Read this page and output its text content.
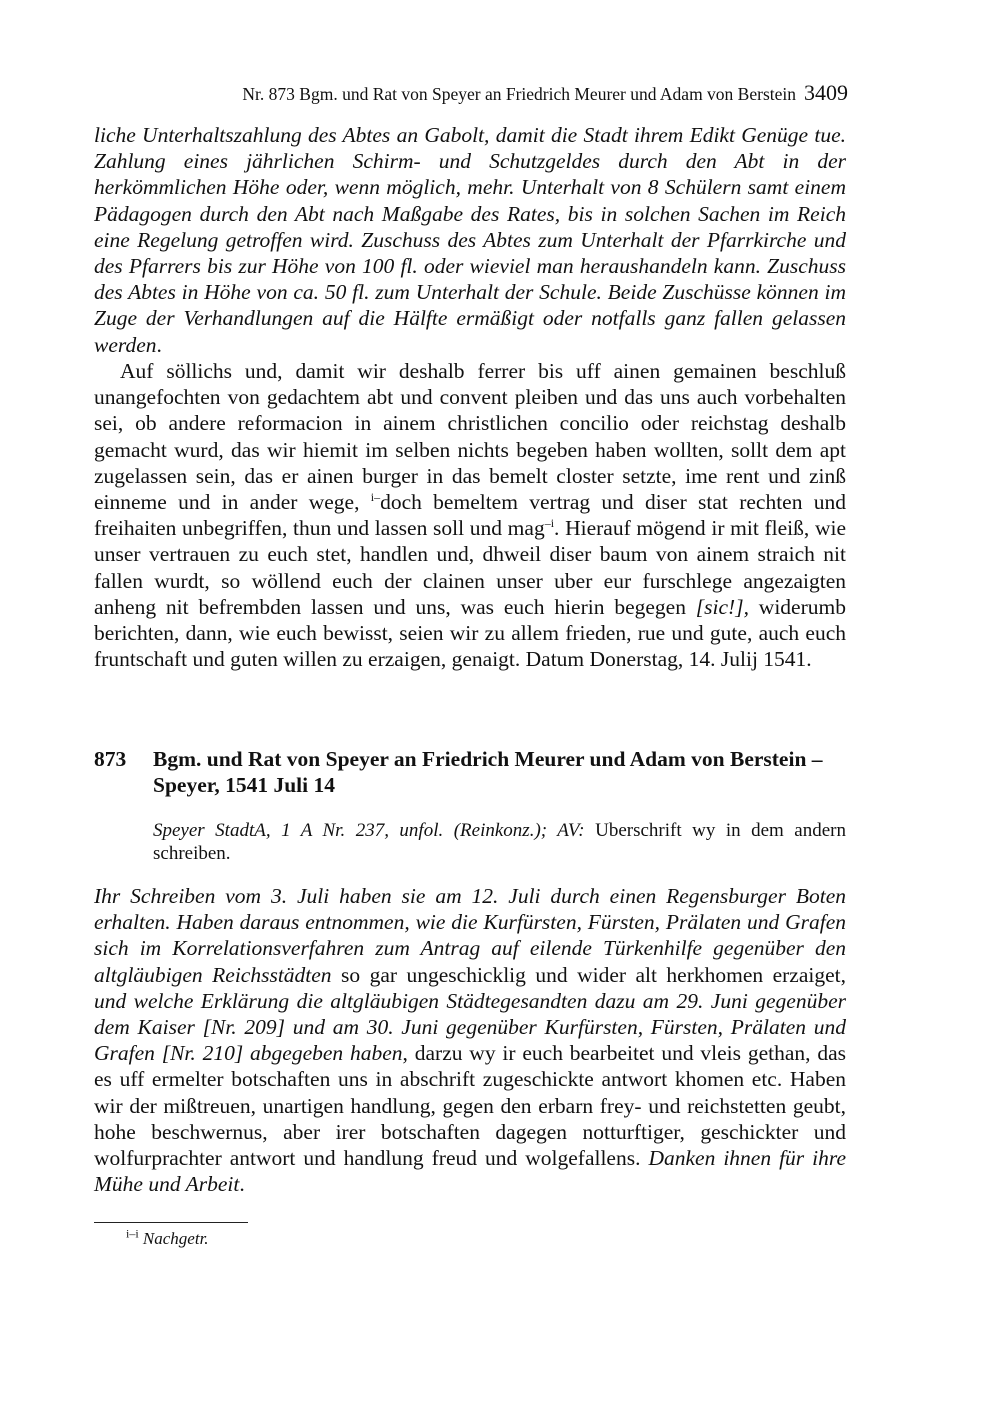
Nr. 873 Bgm. und Rat von Speyer an Friedrich Meurer und Adam von Berstein 3409
liche Unterhaltszahlung des Abtes an Gabolt, damit die Stadt ihrem Edikt Genüge tue. Zahlung eines jährlichen Schirm- und Schutzgeldes durch den Abt in der herkömmlichen Höhe oder, wenn möglich, mehr. Unterhalt von 8 Schülern samt einem Pädagogen durch den Abt nach Maßgabe des Rates, bis in solchen Sachen im Reich eine Regelung getroffen wird. Zuschuss des Abtes zum Unterhalt der Pfarrkirche und des Pfarrers bis zur Höhe von 100 fl. oder wieviel man heraushandeln kann. Zuschuss des Abtes in Höhe von ca. 50 fl. zum Unterhalt der Schule. Beide Zuschüsse können im Zuge der Verhandlungen auf die Hälfte ermäßigt oder notfalls ganz fallen gelassen werden.
Auf söllichs und, damit wir deshalb ferrer bis uff ainen gemainen beschluß unangefochten von gedachtem abt und convent pleiben und das uns auch vorbehalten sei, ob andere reformacion in ainem christlichen concilio oder reichstag deshalb gemacht wurd, das wir hiemit im selben nichts begeben haben wollten, sollt dem apt zugelassen sein, das er ainen burger in das bemelt closter setzte, ime rent und zinß einneme und in ander wege, $^{i-}$doch bemeltem vertrag und diser stat rechten und freihaiten unbegriffen, thun und lassen soll und mag$^{-i}$. Hierauf mögend ir mit fleiß, wie unser vertrauen zu euch stet, handlen und, dhweil diser baum von ainem straich nit fallen wurdt, so wöllend euch der clainen unser uber eur furschlege angezaigten anheng nit befrembden lassen und uns, was euch hierin begegen [sic!], widerumb berichten, dann, wie euch bewisst, seien wir zu allem frieden, rue und gute, auch euch fruntschaft und guten willen zu erzaigen, genaigt. Datum Donerstag, 14. Julij 1541.
873 Bgm. und Rat von Speyer an Friedrich Meurer und Adam von Berstein – Speyer, 1541 Juli 14
Speyer StadtA, 1 A Nr. 237, unfol. (Reinkonz.); AV: Uberschrift wy in dem andern schreiben.
Ihr Schreiben vom 3. Juli haben sie am 12. Juli durch einen Regensburger Boten erhalten. Haben daraus entnommen, wie die Kurfürsten, Fürsten, Prälaten und Grafen sich im Korrelationsverfahren zum Antrag auf eilende Türkenhilfe gegenüber den altgläubigen Reichsstädten so gar ungeschicklig und wider alt herkhomen erzaiget, und welche Erklärung die altgläubigen Städtegesandten dazu am 29. Juni gegenüber dem Kaiser [Nr. 209] und am 30. Juni gegenüber Kurfürsten, Fürsten, Prälaten und Grafen [Nr. 210] abgegeben haben, darzu wy ir euch bearbeitet und vleis gethan, das es uff ermelter botschaften uns in abschrift zugeschickte antwort khomen etc. Haben wir der mißtreuen, unartigen handlung, gegen den erbarn frey- und reichstetten geubt, hohe beschwernus, aber irer botschaften dagegen notturftiger, geschickter und wolfurprachter antwort und handlung freud und wolgefallens. Danken ihnen für ihre Mühe und Arbeit.
$^{i-i}$ Nachgetr.
